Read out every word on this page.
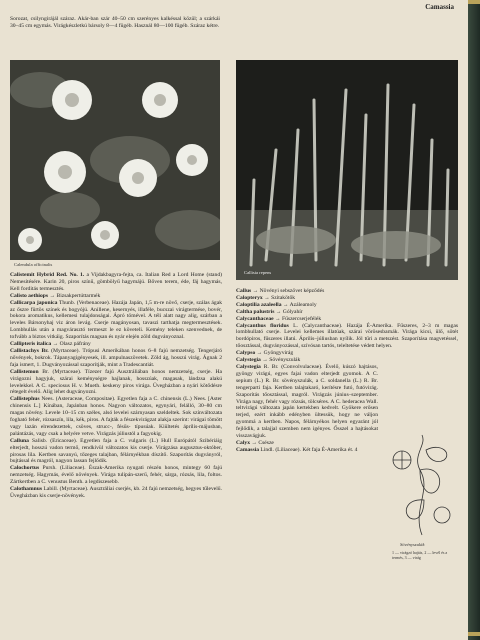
Camassia

Sorozat, csilyngirájál száraz. Akár-ban szár 40–50 cm szerényes kalkéssal közül; a szárkái 30–45 cm egymás. Virágkészletkú bársoly 8—4 fügéb. Használ 80—100 fügéb. Száraz kétre.

Calendula officinalis

Calistemit Hybrid Red. No. 1. a Vijdakbagyra-fejta, ca. Italian Red a Lord Home (stand) Nemesitésére. Karin 20, piros színű, gömbölyű hagymájú. Bőven terem, éde, fáj hagymás, Kell forditás termesztés.

Calisto aethiops → Bizsakpertúttarmék

Callicarpa japonica Thunb. (Verbenaceae). Hazája Japán, 1,5 m-re növő, cserje, szálas ágak az őszre fürtös színek és bogyójú. Anillene, kesernyés, illaféle, bucszai virágtermése, bovér, bokora aromatikus, kellemesi tulajdonságai. Ápró tömével. A téli alatt nagy alig, szárban a leveles Bársonyhaj viz áron levág. Cserje magányosan, tavaszi tarthatja megtermesztések. Lombhullás után a magvárasztó termeszt le ez követeli. Kemény teleken szenvednek, de tofvább a biztos vitkáig. Szaporítás magsan és nyár elején zöld dugványoznal.

Callipteris italica → Olasz páfrány

Callistachys Br. (Myrtaceae). Trópusi Amerikában honos 6–8 fajú nemzetség. Tengerjáró nővények, bokrok. Tápanyagigényesek, ill. ampulnaszövetek. Zöld ág, hosszú virág. Ágnak 2 faja ismert, 1. Dugványozással szaporítják, mint a Tradescantiát.

Callistemon Br. (Myrtaceae). Tízezer fajú Ausztráliában honos nemzetség, cserje. Ha virágozni hagyjuk, szárai keménységre hajlanak, hosszúak, magasak, lándzsa alakú levelekkel. A C. speciosus H. v. Mueth. keskeny piros virága. Üvegházban a nyári kötődésre rétegelt évelő. Alig lehet dugványozni.

Callistephus Nees. (Asteraceae, Compositae). Egyetlen faja a C. chinensis (L.) Nees. [Aster chinensis L.] Kínában, Japánban honos. Nagyon változatos, egynyári, felálló, 30–80 cm magas növény. Levele 10–15 cm széles, alsó levelei szárnyasan szeldeltek. Sok színváltozata fogható fehér, rózsaszín, lila, kék, piros. A fajták a fészekvirágzat alakja szerint: virágai tömött vagy lazán elrendezettek, csöves, strucc-, fésűs- típusúak. Kiültetés április-májusban, palántázás, vagy csak a helyére vetve. Virágzás júliustól a fagyokig.

Calluna Salisb. (Ericaceae). Egyetlen faja a C. vulgaris (L.) Hull Európától Szibériáig elterjedt, hosszú vadon termő, rendkívül változatos kis cserje. Virágzása augusztus-október, pirosas lila. Kertben savanyú, tőzeges talajban, félárnyékban díszítő. Szaporítás dugványról, bujtással és magról, nagyon lassan fejlődik.

Calochortus Pursh. (Liliaceae). Észak-Amerika nyugati részén honos, mintegy 60 fajú nemzetség. Hagymás, évelő növények. Virága tulipán-szerű, fehér, sárga, rózsás, lila, foltos. Zártkertben a C. venustus Benth. a legdíszesebb.

Calothamnus Labill. (Myrtaceae). Ausztráliai cserjés, kb. 24 fajú nemzetség, hegyes tűlevelű. Üvegházban kis cserje-növények.

Callisia repens

Callus → Növényi sebszövet képződés

Calopteryx → Szitakötők

Caloptilia azaleella → Azáleamoly

Caltha palustris → Gólyahír

Calycanthaceae → Fűszercserjefélék

Calycanthus floridus L. (Calycanthaceae). Hazája É-Amerika. Fűszeres, 2–3 m magas lombhullató cserje. Levelei kellemes illatúak, szárai vörösesbarnák. Virága kicsi, ülő, sötét bordópiros, fűszeres illatú. Április–júliusban nyílik. Jól tűri a metszést. Szaporítása magvetéssel, tőosztással, dugványozással, szívósan tartós, teleltetése védett helyen.

Calypso → Gyöngyvirág

Calystegia → Sövényszulák

Calystegia R. Br. (Convolvulaceae). Évelő, kúszó hajtásos, gyöngy virágú, egyes fajai vadon elterjedt gyomok. A C. sepium (L.) R. Br. sövényszulák, a C. soldanella (L.) R. Br. tengerparti faja. Kertben talajtakaró, kerítésre futó, futóvirág. Szaporítás tőosztással, magról. Virágzás június–szeptember. Virága nagy, fehér vagy rózsás, tölcséres. A C. hederacea Wall. teltvirágú változata japán kertekben kedvelt. Gyökere erősen terjed, ezért inkább edényben ültessük, hogy ne váljon gyommá a kertben. Napos, félárnyékos helyen egyaránt jól fejlődik, a talajjal szemben nem igényes. Ősszel a hajtásokat visszavágjuk.

Calyx → Csésze

Camassia Lindl. (Liliaceae). Két faja É-Amerika ét. 4

Sövényszulák
1 — virágzó hajtás, 2 — levél és a termés, 3 — virág
